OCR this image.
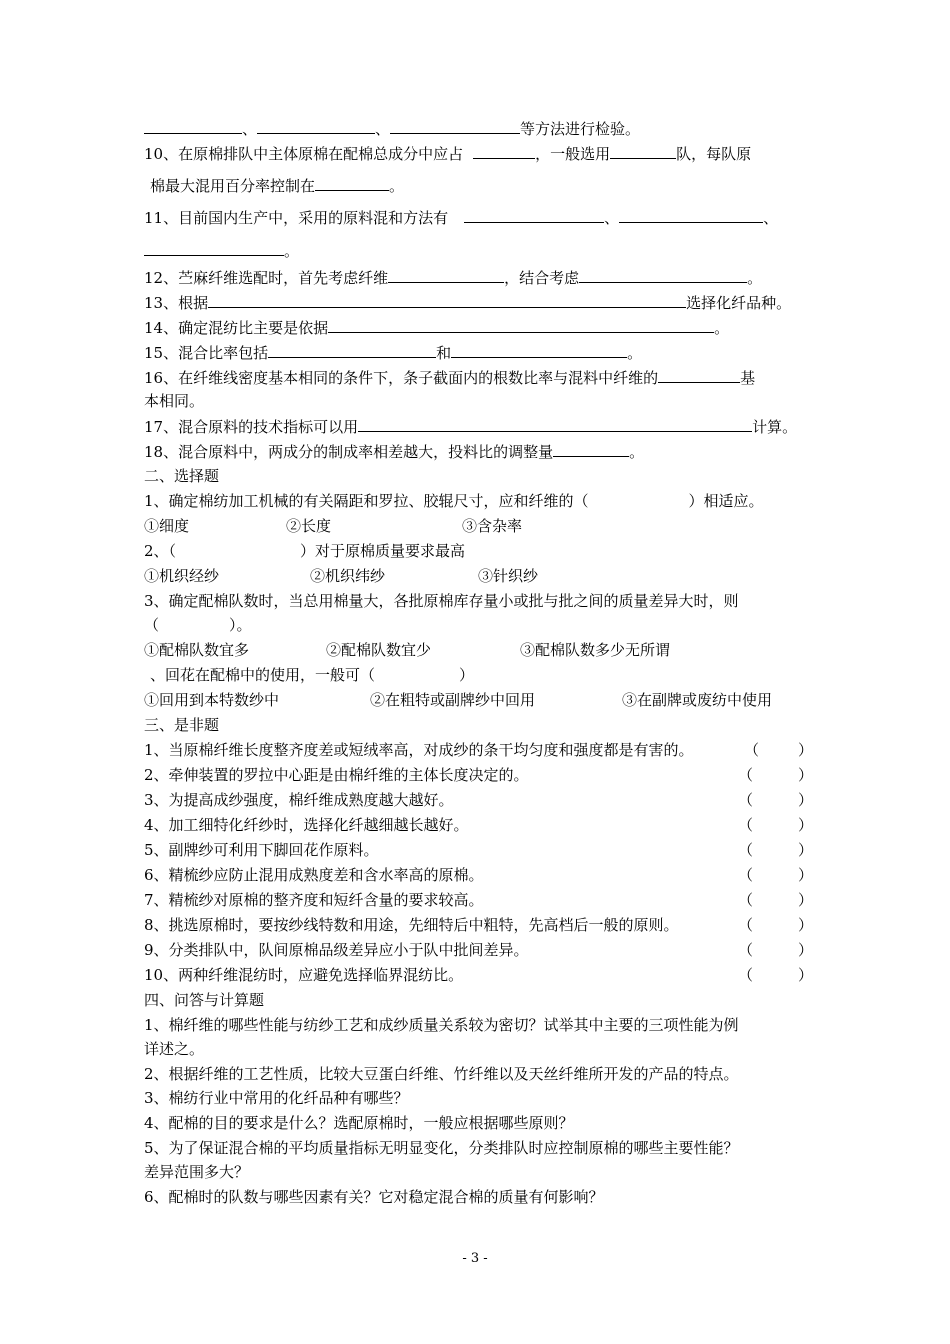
、	、	等方法进行检验。
10、在原棉排队中主体原棉在配棉总成分中应占	，一般选用	队，每队原
棉最大混用百分率控制在	。
11、目前国内生产中，采用的原料混和方法有	、	、
。
12、苎麻纤维选配时，首先考虑纤维	，结合考虑	。
13、根据	选择化纤品种。
14、确定混纺比主要是依据	。
15、混合比率包括	和	。
16、在纤维线密度基本相同的条件下，条子截面内的根数比率与混料中纤维的	基
本相同。
17、混合原料的技术指标可以用	计算。
18、混合原料中，两成分的制成率相差越大，投料比的调整量	。
二、选择题
1、确定棉纺加工机械的有关隔距和罗拉、胶辊尺寸，应和纤维的（	）相适应。
①细度	②长度	③含杂率
2、（	）对于原棉质量要求最高
①机织经纱	②机织纬纱	③针织纱
3、确定配棉队数时，当总用棉量大，各批原棉库存量小或批与批之间的质量差异大时，则
（	）。
①配棉队数宜多	②配棉队数宜少	③配棉队数多少无所谓
、回花在配棉中的使用，一般可（	）
①回用到本特数纱中	②在粗特或副牌纱中回用	③在副牌或废纺中使用
三、是非题
1、当原棉纤维长度整齐度差或短绒率高，对成纱的条干均匀度和强度都是有害的。	（	）
2、牵伸装置的罗拉中心距是由棉纤维的主体长度决定的。	（	）
3、为提高成纱强度，棉纤维成熟度越大越好。	（	）
4、加工细特化纤纱时，选择化纤越细越长越好。	（	）
5、副牌纱可利用下脚回花作原料。	（	）
6、精梳纱应防止混用成熟度差和含水率高的原棉。	（	）
7、精梳纱对原棉的整齐度和短纤含量的要求较高。	（	）
8、挑选原棉时，要按纱线特数和用途，先细特后中粗特，先高档后一般的原则。	（	）
9、分类排队中，队间原棉品级差异应小于队中批间差异。	（	）
10、两种纤维混纺时，应避免选择临界混纺比。	（	）
四、问答与计算题
1、棉纤维的哪些性能与纺纱工艺和成纱质量关系较为密切？试举其中主要的三项性能为例
详述之。
2、根据纤维的工艺性质，比较大豆蛋白纤维、竹纤维以及天丝纤维所开发的产品的特点。
3、棉纺行业中常用的化纤品种有哪些？
4、配棉的目的要求是什么？选配原棉时，一般应根据哪些原则？
5、为了保证混合棉的平均质量指标无明显变化，分类排队时应控制原棉的哪些主要性能？
差异范围多大？
6、配棉时的队数与哪些因素有关？它对稳定混合棉的质量有何影响？
- 3 -
